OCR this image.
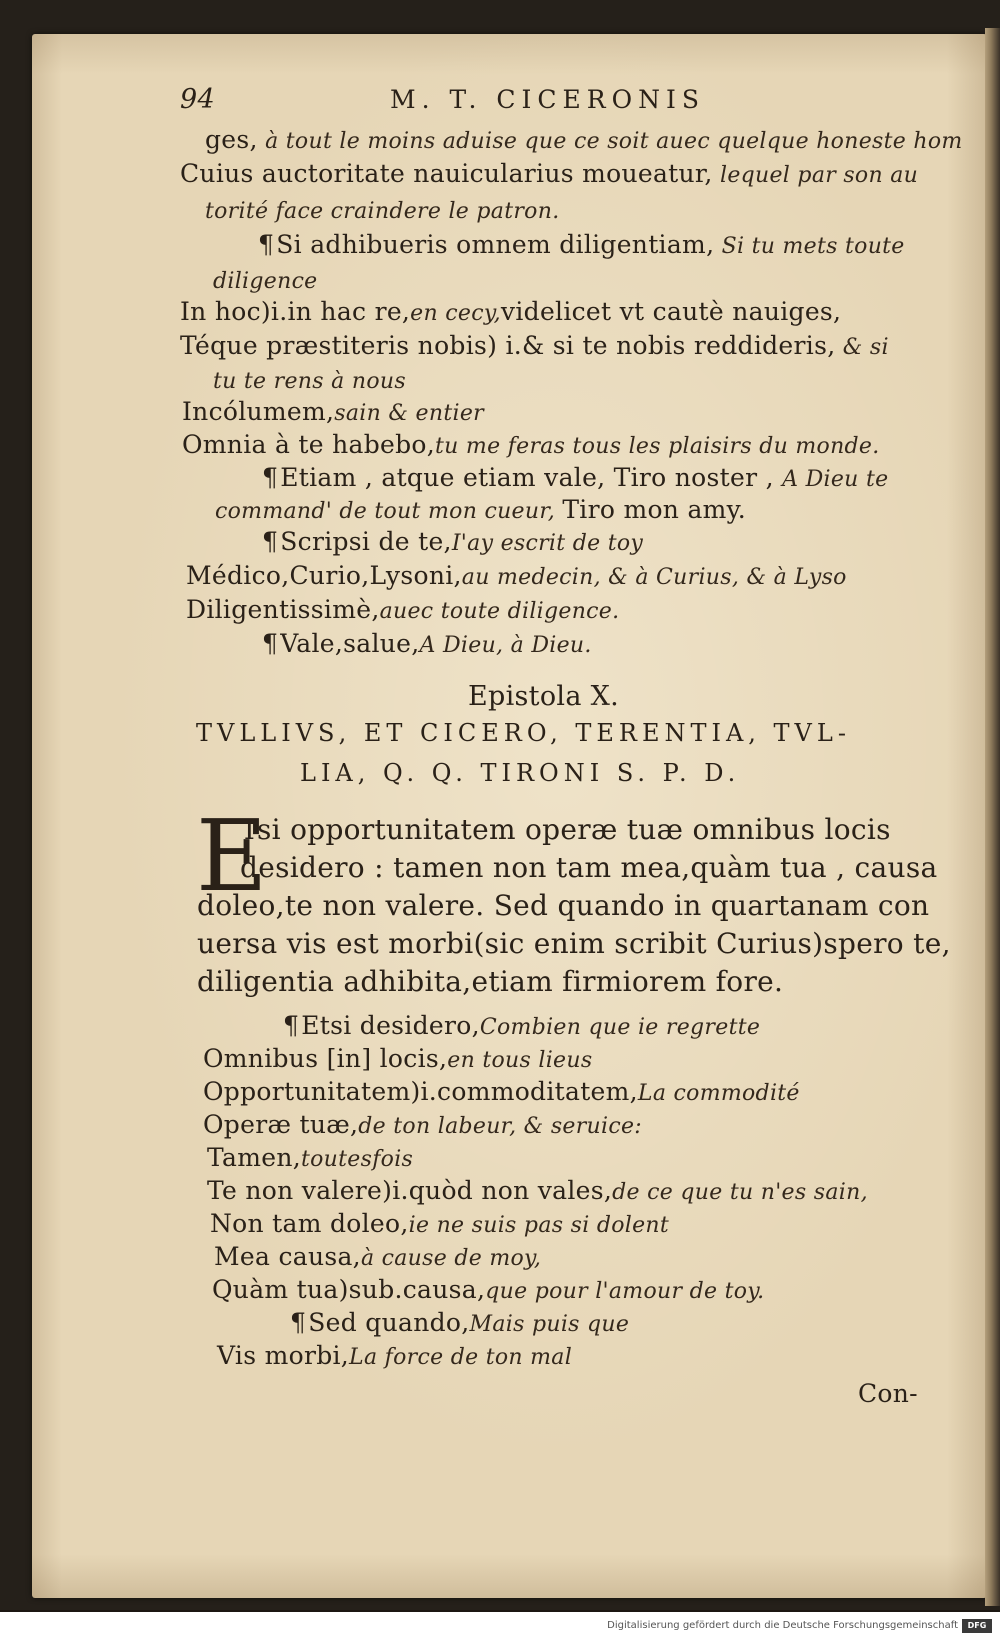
94	M. T. CICERONIS

ges, à tout le moins aduise que ce soit auec quelque honeste hom

Cuius auctoritate nauicularius moueatur, lequel par son au

torité face craindere le patron.

¶Si adhibueris omnem diligentiam, Si tu mets toute

diligence

In hoc)i.in hac re,en cecy,videlicet vt cautè nauiges,

Téque præstiteris nobis) i.& si te nobis reddideris, & si

tu te rens à nous

Incólumem,sain & entier

Omnia à te habebo,tu me feras tous les plaisirs du monde.

¶Etiam , atque etiam vale, Tiro noster , A Dieu te

command' de tout mon cueur, Tiro mon amy.

¶Scripsi de te,I'ay escrit de toy

Médico,Curio,Lysoni,au medecin, & à Curius, & à Lyso

Diligentissimè,auec toute diligence.

¶Vale,salue,A Dieu, à Dieu.

Epistola X.

TVLLIVS, ET CICERO, TERENTIA, TVL-

LIA, Q. Q. TIRONI S. P. D.

E

Tsi opportunitatem operæ tuæ omnibus locis

desidero : tamen non tam mea,quàm tua , causa

doleo,te non valere. Sed quando in quartanam con

uersa vis est morbi(sic enim scribit Curius)spero te,

diligentia adhibita,etiam firmiorem fore.

¶Etsi desidero,Combien que ie regrette

Omnibus [in] locis,en tous lieus

Opportunitatem)i.commoditatem,La commodité

Operæ tuæ,de ton labeur, & seruice:

Tamen,toutesfois

Te non valere)i.quòd non vales,de ce que tu n'es sain,

Non tam doleo,ie ne suis pas si dolent

Mea causa,à cause de moy,

Quàm tua)sub.causa,que pour l'amour de toy.

¶Sed quando,Mais puis que

Vis morbi,La force de ton mal

Con-

Digitalisierung gefördert durch die Deutsche Forschungsgemeinschaft	DFG
